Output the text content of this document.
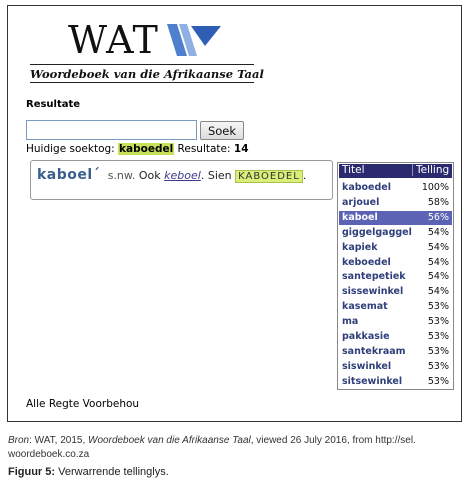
WAT
Woordeboek van die Afrikaanse Taal
Resultate
Soek
Huidige soektog: kaboedel Resultate: 14
kaboel´ s.nw. Ook keboel. Sien KABOEDEL .	Titel	Telling
kaboedel	100%
arjouel	58%
kaboel	56%
giggelgaggel 54%
kapiek	54%
keboedel	54%
santepetiek 54%
sissewinkel	54%
kasemat	53%
ma	53%
pakkasie	53%
santekraam 53%
siswinkel	53%
sitsewinkel	53%
Alle Regte Voorbehou
Bron: WAT, 2015, Woordeboek van die Afrikaanse Taal, viewed 26 July 2016, from http://sel.
woordeboek.co.za
Figuur 5: Verwarrende tellinglys.
